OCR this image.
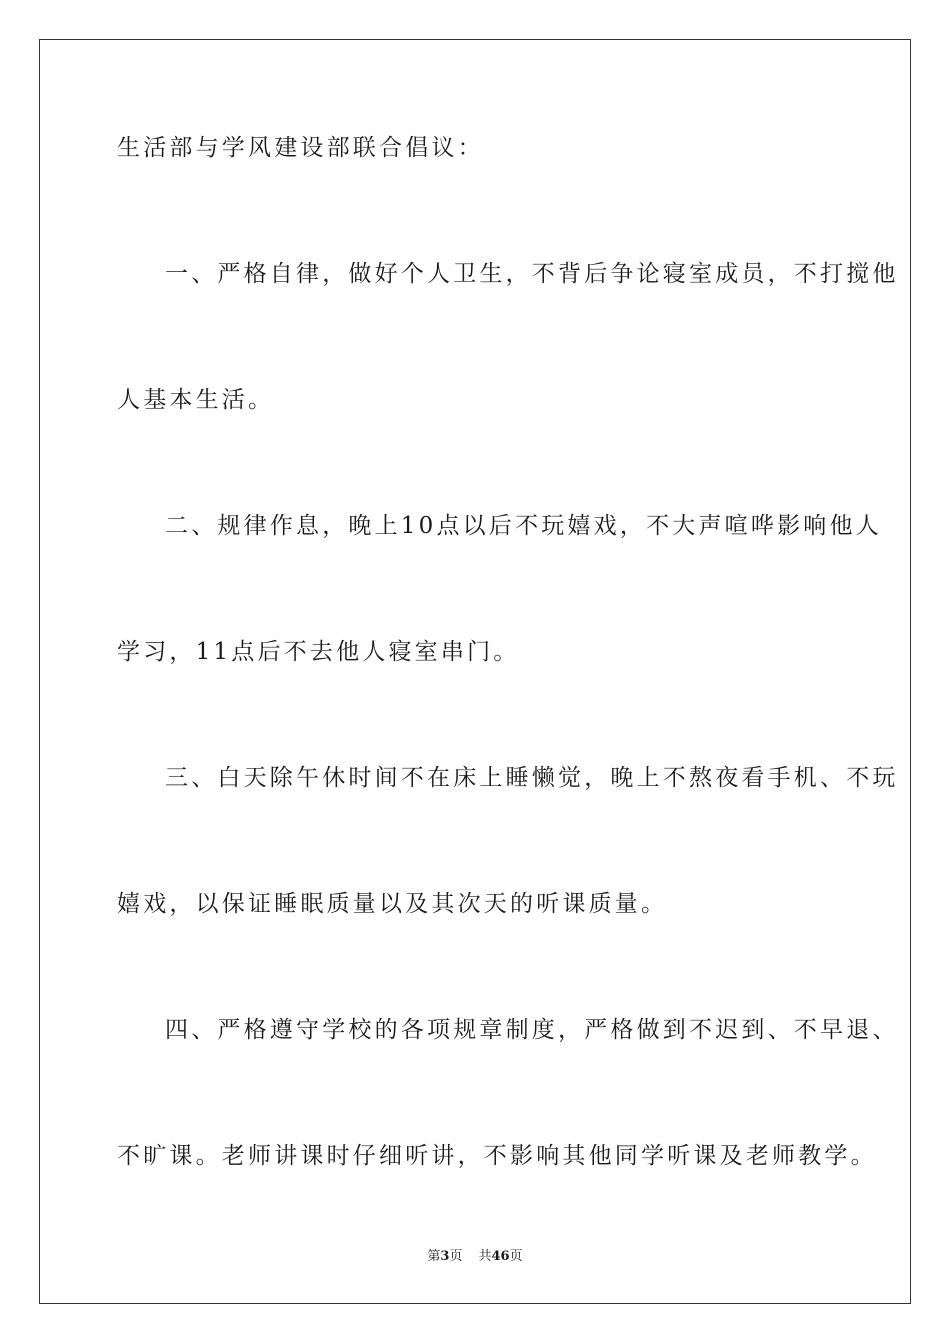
生活部与学风建设部联合倡议：
一、严格自律，做好个人卫生，不背后争论寝室成员，不打搅他
人基本生活。
二、规律作息，晚上10点以后不玩嬉戏，不大声喧哗影响他人
学习，11点后不去他人寝室串门。
三、白天除午休时间不在床上睡懒觉，晚上不熬夜看手机、不玩
嬉戏，以保证睡眠质量以及其次天的听课质量。
四、严格遵守学校的各项规章制度，严格做到不迟到、不早退、
不旷课。老师讲课时仔细听讲，不影响其他同学听课及老师教学。
第3页 共46页
